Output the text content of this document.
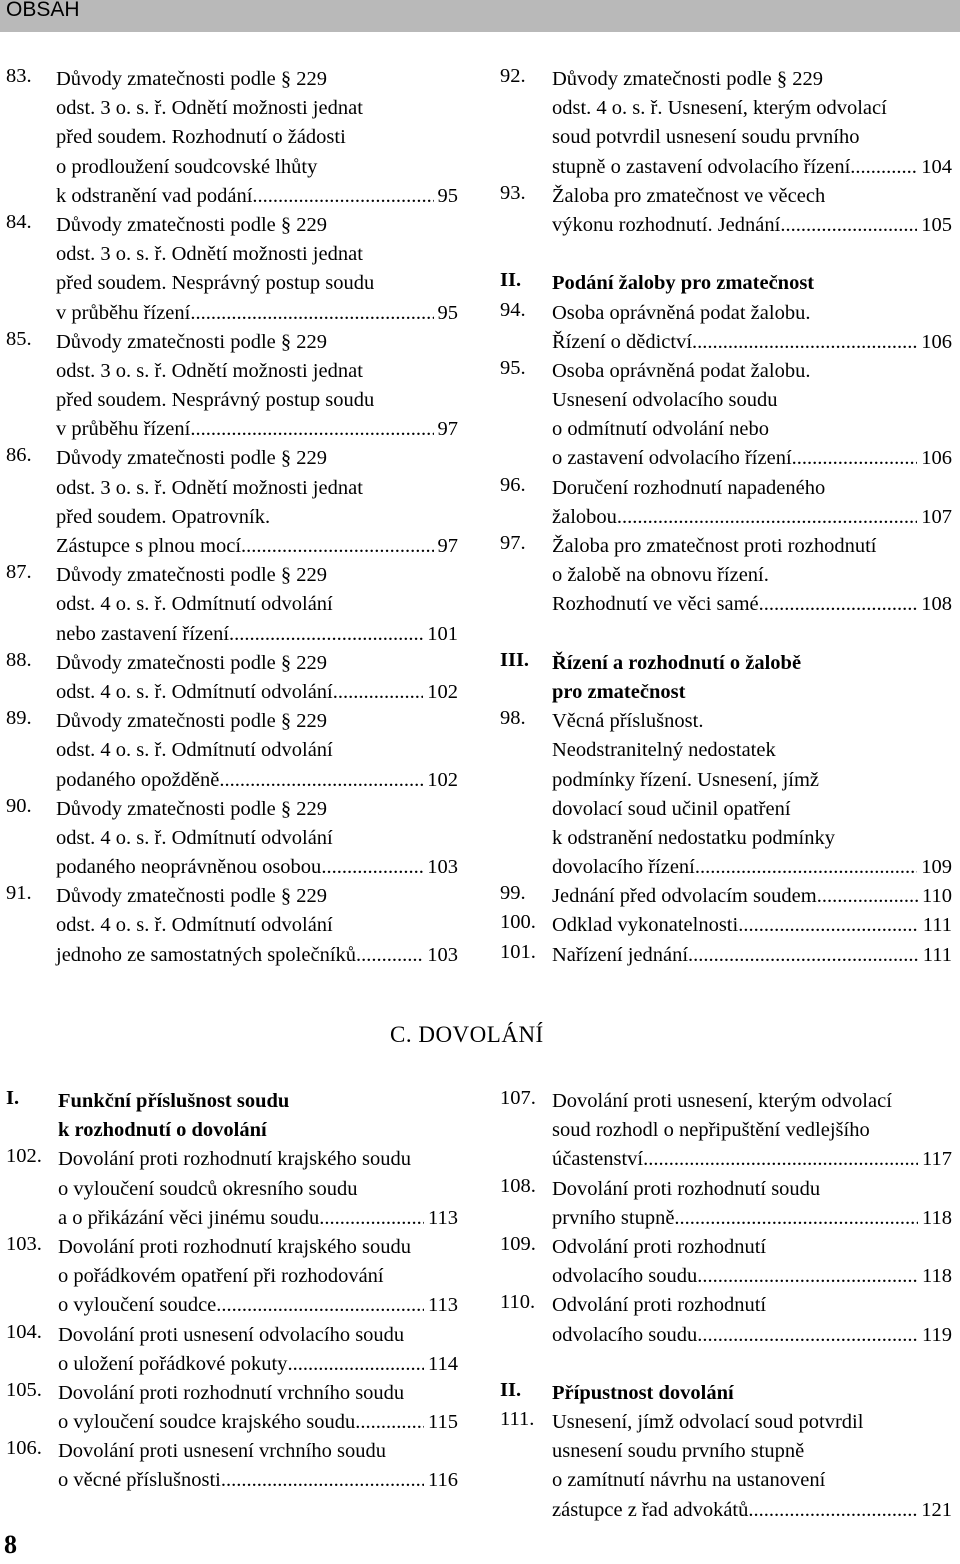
OBSAH
83. Důvody zmatečnosti podle § 229
odst. 3 o. s. ř. Odnětí možnosti jednat
před soudem. Rozhodnutí o žádosti
o prodloužení soudcovské lhůty
k odstranění vad podání .....	95
84. Důvody zmatečnosti podle § 229
odst. 3 o. s. ř. Odnětí možnosti jednat
před soudem. Nesprávný postup soudu
v průběhu řízení .....	95
85. Důvody zmatečnosti podle § 229
odst. 3 o. s. ř. Odnětí možnosti jednat
před soudem. Nesprávný postup soudu
v průběhu řízení .....	97
86. Důvody zmatečnosti podle § 229
odst. 3 o. s. ř. Odnětí možnosti jednat
před soudem. Opatrovník.
Zástupce s plnou mocí .....	97
87. Důvody zmatečnosti podle § 229
odst. 4 o. s. ř. Odmítnutí odvolání
nebo zastavení řízení .....	101
88. Důvody zmatečnosti podle § 229
odst. 4 o. s. ř. Odmítnutí odvolání .....	102
89. Důvody zmatečnosti podle § 229
odst. 4 o. s. ř. Odmítnutí odvolání
podaného opožděně .....	102
90. Důvody zmatečnosti podle § 229
odst. 4 o. s. ř. Odmítnutí odvolání
podaného neoprávněnou osobou .....	103
91. Důvody zmatečnosti podle § 229
odst. 4 o. s. ř. Odmítnutí odvolání
jednoho ze samostatných společníků .....	103
92. Důvody zmatečnosti podle § 229
odst. 4 o. s. ř. Usnesení, kterým odvolací
soud potvrdil usnesení soudu prvního
stupně o zastavení odvolacího řízení .....	104
93. Žaloba pro zmatečnost ve věcech
výkonu rozhodnutí. Jednání .....	105
II. Podání žaloby pro zmatečnost
94. Osoba oprávněná podat žalobu.
Řízení o dědictví .....	106
95. Osoba oprávněná podat žalobu.
Usnesení odvolacího soudu
o odmítnutí odvolání nebo
o zastavení odvolacího řízení .....	106
96. Doručení rozhodnutí napadeného
žalobou .....	107
97. Žaloba pro zmatečnost proti rozhodnutí
o žalobě na obnovu řízení.
Rozhodnutí ve věci samé .....	108
III. Řízení a rozhodnutí o žalobě
pro zmatečnost
98. Věcná příslušnost.
Neodstranitelný nedostatek
podmínky řízení. Usnesení, jímž
dovolací soud učinil opatření
k odstranění nedostatku podmínky
dovolacího řízení .....	109
99. Jednání před odvolacím soudem .....	110
100. Odklad vykonatelnosti .....	111
101. Nařízení jednání .....	111
C. DOVOLÁNÍ
I. Funkční příslušnost soudu
k rozhodnutí o dovolání
102. Dovolání proti rozhodnutí krajského soudu
o vyloučení soudců okresního soudu
a o přikázání věci jinému soudu .....	113
103. Dovolání proti rozhodnutí krajského soudu
o pořádkovém opatření při rozhodování
o vyloučení soudce .....	113
104. Dovolání proti usnesení odvolacího soudu
o uložení pořádkové pokuty .....	114
105. Dovolání proti rozhodnutí vrchního soudu
o vyloučení soudce krajského soudu .....	115
106. Dovolání proti usnesení vrchního soudu
o věcné příslušnosti .....	116
107. Dovolání proti usnesení, kterým odvolací
soud rozhodl o nepřipuštění vedlejšího
účastenství .....	117
108. Dovolání proti rozhodnutí soudu
prvního stupně .....	118
109. Odvolání proti rozhodnutí
odvolacího soudu .....	118
110. Odvolání proti rozhodnutí
odvolacího soudu .....	119
II. Přípustnost dovolání
111. Usnesení, jímž odvolací soud potvrdil
usnesení soudu prvního stupně
o zamítnutí návrhu na ustanovení
zástupce z řad advokátů .....	121
8
